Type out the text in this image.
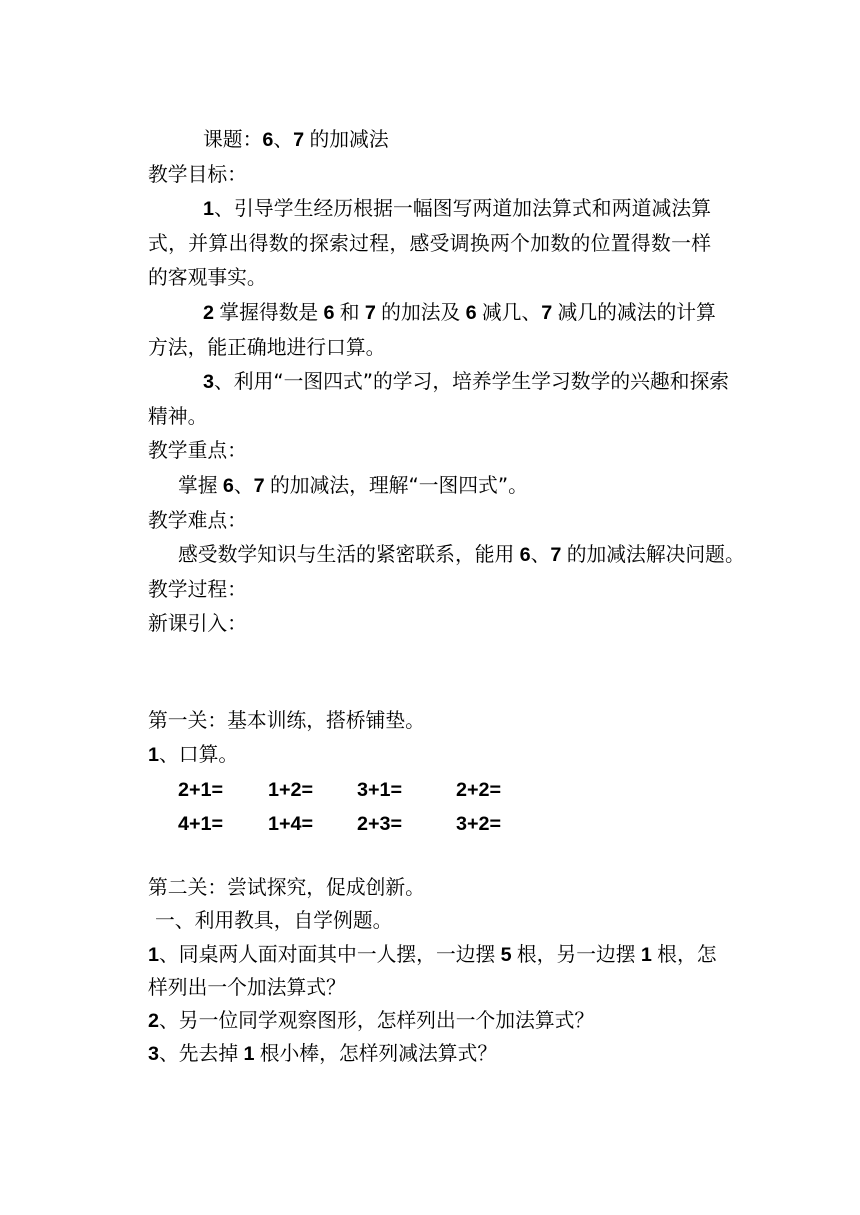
课题：6、7 的加减法
教学目标：
1、引导学生经历根据一幅图写两道加法算式和两道减法算
式，并算出得数的探索过程，感受调换两个加数的位置得数一样
的客观事实。
2 掌握得数是 6 和 7 的加法及 6 减几、7 减几的减法的计算
方法，能正确地进行口算。
3、利用“一图四式”的学习，培养学生学习数学的兴趣和探索
精神。
教学重点：
掌握 6、7 的加减法，理解“一图四式”。
教学难点：
感受数学知识与生活的紧密联系，能用 6、7 的加减法解决问题。
教学过程：
新课引入：
第一关：基本训练，搭桥铺垫。
1、口算。
2+1=	1+2=	3+1=	2+2=
4+1=	1+4=	2+3=	3+2=
第二关：尝试探究，促成创新。
一、利用教具，自学例题。
1、同桌两人面对面其中一人摆，一边摆 5 根，另一边摆 1 根，怎
样列出一个加法算式？
2、另一位同学观察图形，怎样列出一个加法算式？
3、先去掉 1 根小棒，怎样列减法算式？
